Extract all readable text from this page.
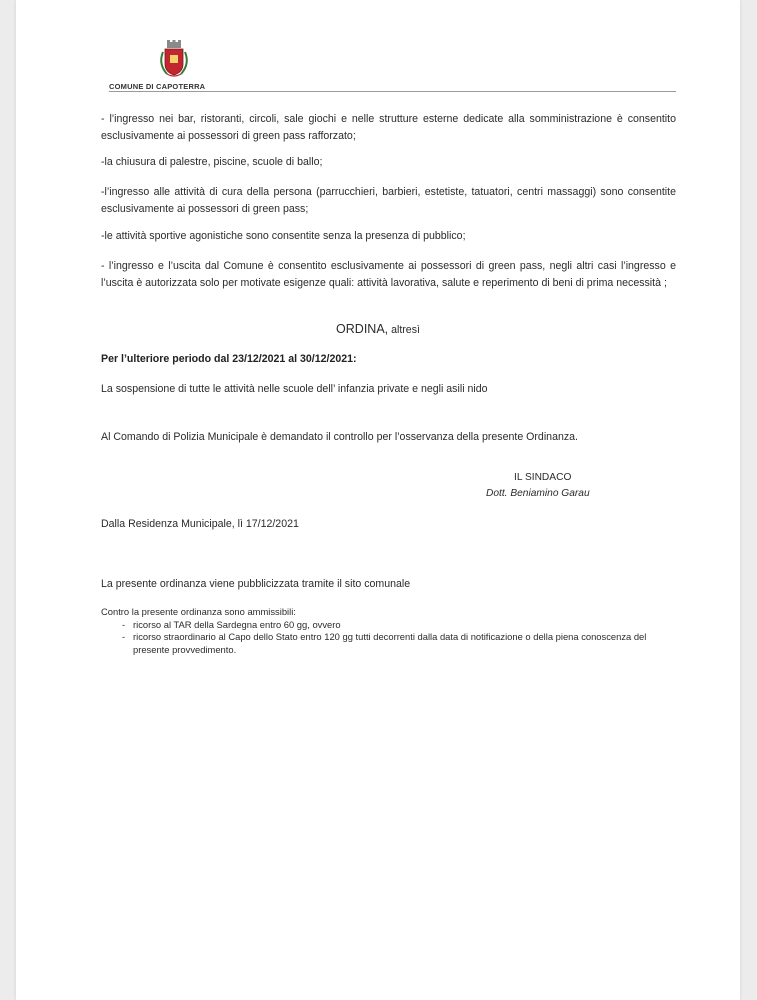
COMUNE DI CAPOTERRA
- l’ingresso nei bar, ristoranti, circoli, sale giochi e nelle strutture esterne dedicate alla somministrazione è consentito esclusivamente ai possessori di green pass rafforzato;
-la chiusura di palestre, piscine, scuole di ballo;
-l’ingresso alle attività di cura della persona (parrucchieri, barbieri, estetiste, tatuatori, centri massaggi) sono consentite esclusivamente ai possessori di green pass;
-le attività sportive agonistiche sono consentite senza la presenza di pubblico;
- l’ingresso e l’uscita dal Comune è consentito esclusivamente ai possessori di green pass, negli altri casi l’ingresso e l’uscita è autorizzata solo per motivate esigenze quali: attività lavorativa, salute e reperimento di beni di prima necessità ;
ORDINA, altresì
Per l’ulteriore periodo dal 23/12/2021 al 30/12/2021:
La sospensione di tutte le attività nelle scuole dell’ infanzia private e negli asili nido
Al Comando di Polizia Municipale è demandato il controllo per l’osservanza della presente Ordinanza.
IL SINDACO
Dott. Beniamino Garau
Dalla Residenza Municipale, lì 17/12/2021
La presente ordinanza viene pubblicizzata tramite il sito comunale
Contro la presente ordinanza sono ammissibili:
- ricorso al TAR della Sardegna entro 60 gg, ovvero
- ricorso straordinario al Capo dello Stato entro 120 gg tutti decorrenti dalla data di notificazione o della piena conoscenza del presente provvedimento.
